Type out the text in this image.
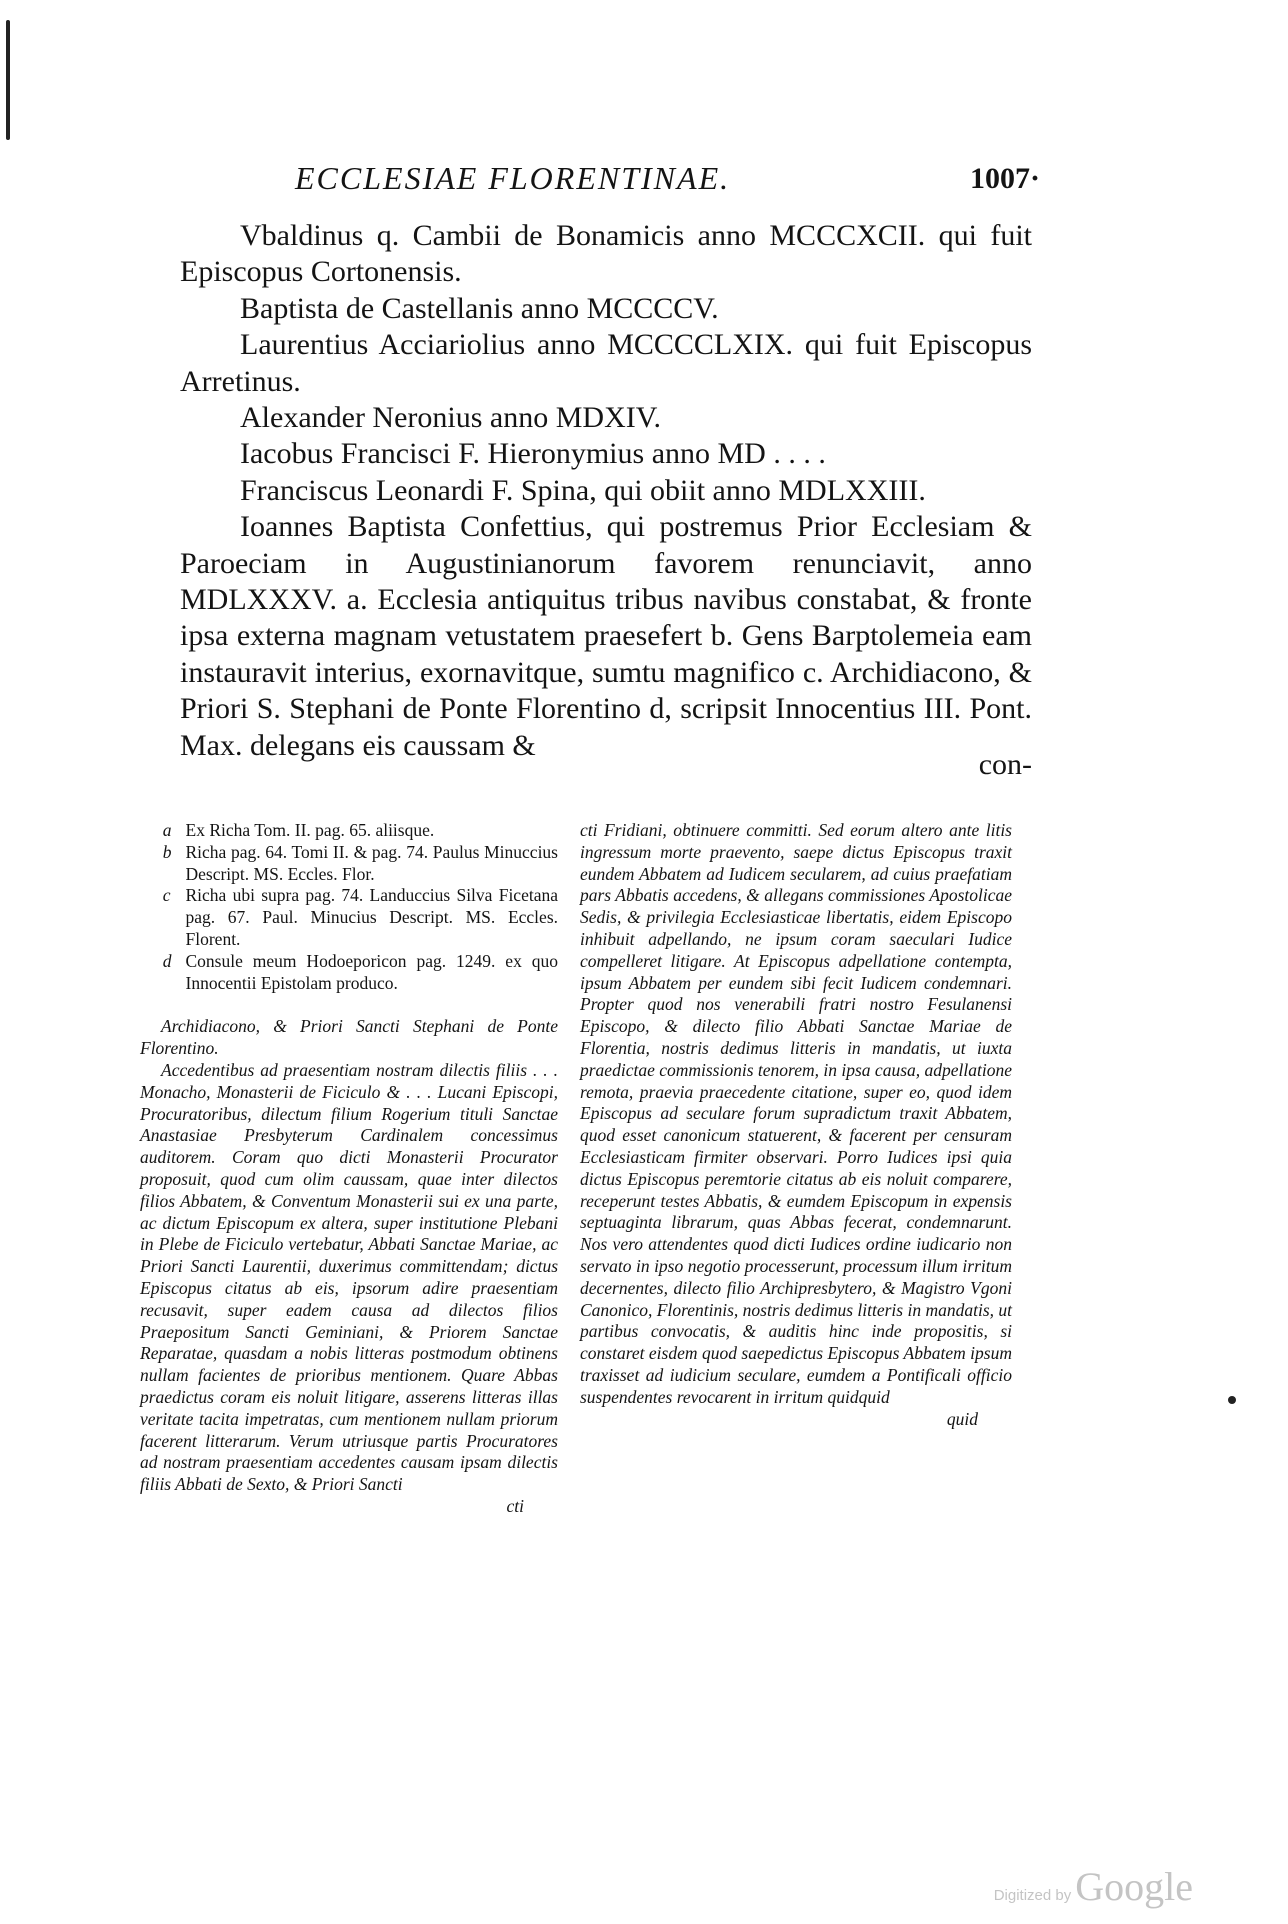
ECCLESIAE FLORENTINAE.	1007·

Vbaldinus q. Cambii de Bonamicis anno MCCCXCII. qui fuit Episcopus Cortonensis.

Baptista de Castellanis anno MCCCCV.

Laurentius Acciariolius anno MCCCCLXIX. qui fuit Episcopus Arretinus.

Alexander Neronius anno MDXIV.

Iacobus Francisci F. Hieronymius anno MD . . . .

Franciscus Leonardi F. Spina, qui obiit anno MDLXXIII.

Ioannes Baptista Confettius, qui postremus Prior Ecclesiam & Paroeciam in Augustinianorum favorem renunciavit, anno MDLXXXV. a. Ecclesia antiquitus tribus navibus constabat, & fronte ipsa externa magnam vetustatem praesefert b. Gens Barptolemeia eam instauravit interius, exornavitque, sumtu magnifico c. Archidiacono, & Priori S. Stephani de Ponte Florentino d, scripsit Innocentius III. Pont. Max. delegans eis caussam &

con-

a Ex Richa Tom. II. pag. 65. aliisque.

b Richa pag. 64. Tomi II. & pag. 74. Paulus Minuccius Descript. MS. Eccles. Flor.

c Richa ubi supra pag. 74. Landuccius Silva Ficetana pag. 67. Paul. Minucius Descript. MS. Eccles. Florent.

d Consule meum Hodoeporicon pag. 1249. ex quo Innocentii Epistolam produco.

Archidiacono, & Priori Sancti Stephani de Ponte Florentino.

Accedentibus ad praesentiam nostram dilectis filiis . . . Monacho, Monasterii de Ficiculo & . . . Lucani Episcopi, Procuratoribus, dilectum filium Rogerium tituli Sanctae Anastasiae Presbyterum Cardinalem concessimus auditorem. Coram quo dicti Monasterii Procurator proposuit, quod cum olim caussam, quae inter dilectos filios Abbatem, & Conventum Monasterii sui ex una parte, ac dictum Episcopum ex altera, super institutione Plebani in Plebe de Ficiculo vertebatur, Abbati Sanctae Mariae, ac Priori Sancti Laurentii, duxerimus committendam; dictus Episcopus citatus ab eis, ipsorum adire praesentiam recusavit, super eadem causa ad dilectos filios Praepositum Sancti Geminiani, & Priorem Sanctae Reparatae, quasdam a nobis litteras postmodum obtinens nullam facientes de prioribus mentionem. Quare Abbas praedictus coram eis noluit litigare, asserens litteras illas veritate tacita impetratas, cum mentionem nullam priorum facerent litterarum. Verum utriusque partis Procuratores ad nostram praesentiam accedentes causam ipsam dilectis filiis Abbati de Sexto, & Priori Sancti

cti

cti Fridiani, obtinuere committi. Sed eorum altero ante litis ingressum morte praevento, saepe dictus Episcopus traxit eundem Abbatem ad Iudicem secularem, ad cuius praefatiam pars Abbatis accedens, & allegans commissiones Apostolicae Sedis, & privilegia Ecclesiasticae libertatis, eidem Episcopo inhibuit adpellando, ne ipsum coram saeculari Iudice compelleret litigare. At Episcopus adpellatione contempta, ipsum Abbatem per eundem sibi fecit Iudicem condemnari. Propter quod nos venerabili fratri nostro Fesulanensi Episcopo, & dilecto filio Abbati Sanctae Mariae de Florentia, nostris dedimus litteris in mandatis, ut iuxta praedictae commissionis tenorem, in ipsa causa, adpellatione remota, praevia praecedente citatione, super eo, quod idem Episcopus ad seculare forum supradictum traxit Abbatem, quod esset canonicum statuerent, & facerent per censuram Ecclesiasticam firmiter observari. Porro Iudices ipsi quia dictus Episcopus peremtorie citatus ab eis noluit comparere, receperunt testes Abbatis, & eumdem Episcopum in expensis septuaginta librarum, quas Abbas fecerat, condemnarunt. Nos vero attendentes quod dicti Iudices ordine iudicario non servato in ipso negotio processerunt, processum illum irritum decernentes, dilecto filio Archipresbytero, & Magistro Vgoni Canonico, Florentinis, nostris dedimus litteris in mandatis, ut partibus convocatis, & auditis hinc inde propositis, si constaret eisdem quod saepedictus Episcopus Abbatem ipsum traxisset ad iudicium seculare, eumdem a Pontificali officio suspendentes revocarent in irritum quidquid

quid

Digitized by Google
